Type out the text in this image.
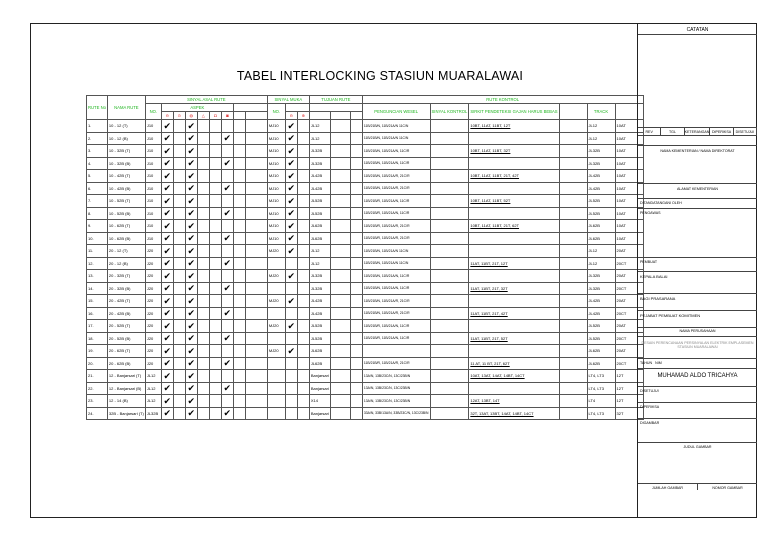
TABEL INTERLOCKING STASIUN MUARALAWAI
RUTE No	NAMA RUTE	SINYAL ASAL RUTE									SINYAL MUKA			TUJUAN RUTE			RUTE KONTROL					
		NO.	ASPEK								NO.						PENGUNCIAN WESEL	SINYAL KONTROL	SIRKIT PENDETEKSI GAJAN HARUS BEBAS		TRACK	
			⊖	⊙	◍	△	◘	◙				⊖	⊕									
1.	10 - 12 (T)	J10	✔		✔						MJ10	✔		JL12			11B/21B/N, 11B/21A/N 11C/N		10BT, 11AT, 11BT, 12T		JL12	10AT
2.	10 - 12 (B)	J10	✔		✔			✔			MJ10	✔		JL12			11B/21B/N, 11B/21A/N 11C/N				JL12	10AT
3.	10 - 32B (T)	J10	✔		✔						MJ10	✔		JL32B			11B/21B/N, 11B/21A/N, 11C/R		10BT, 11AT, 11BT, 32T		JL32B	10AT
4.	10 - 32B (B)	J10	✔		✔			✔			MJ10	✔		JL32B			11B/21B/N, 11B/21A/N, 11C/R				JL32B	10AT
5.	10 - 42B (T)	J10	✔		✔						MJ10	✔		JL42B			11B/21B/N, 11B/21A/R, 21C/R		10BT, 11AT, 11BT, 21T, 42T		JL42B	10AT
6.	10 - 42B (B)	J10	✔		✔			✔			MJ10	✔		JL42B			11B/21B/N, 11B/21A/R, 21C/R				JL42B	10AT
7.	10 - 52B (T)	J10	✔		✔						MJ10	✔		JL52B			11B/21B/R, 11B/21A/N, 11C/R		10BT, 11AT, 11BT, 52T		JL52B	10AT
8.	10 - 52B (B)	J10	✔		✔			✔			MJ10	✔		JL52B			11B/21B/R, 11B/21A/N, 11C/R				JL52B	10AT
9.	10 - 62B (T)	J10	✔		✔						MJ10	✔		JL62B			11B/21B/R, 11B/21A/R, 21C/R		10BT, 11AT, 11BT, 21T, 62T		JL62B	10AT
10.	10 - 62B (B)	J10	✔		✔			✔			MJ10	✔		JL62B			11B/21B/R, 11B/21A/R, 21C/R				JL62B	10AT
11.	20 - 12 (T)	J20	✔		✔						MJ20	✔		JL12			11B/21B/N, 11B/21A/N 11C/N				JL12	20AT
12.	20 - 12 (B)	J20	✔		✔			✔						JL12			11B/21B/N, 11B/21A/N 11C/N		11AT, 11BT, 21T, 12T		JL12	20CT
13.	20 - 32B (T)	J20	✔		✔						MJ20	✔		JL32B			11B/21B/N, 11B/21A/N, 11C/R				JL32B	20AT
14.	20 - 32B (B)	J20	✔		✔			✔						JL32B			11B/21B/N, 11B/21A/N, 11C/R		11AT, 11BT, 21T, 32T		JL32B	20CT
15.	20 - 42B (T)	J20	✔		✔						MJ20	✔		JL42B			11B/21B/N, 11B/21A/R, 21C/R				JL42B	20AT
16.	20 - 42B (B)	J20	✔		✔			✔						JL42B			11B/21B/N, 11B/21A/R, 21C/R		11AT, 11BT, 21T, 42T		JL42B	20CT
17.	20 - 52B (T)	J20	✔		✔						MJ20	✔		JL52B			11B/21B/R, 11B/21A/N, 11C/R				JL52B	20AT
18.	20 - 52B (B)	J20	✔		✔			✔						JL52B			11B/21B/R, 11B/21A/N, 11C/R		11AT, 11BT, 21T, 52T		JL52B	20CT
19.	20 - 62B (T)	J20	✔		✔						MJ20	✔		JL62B							JL62B	20AT
20.	20 - 62B (B)	J20	✔		✔			✔						JL62B			11B/21B/R, 11B/21A/R, 21C/R		11 AT, 11 BT, 21T, 62T		JL62B	20CT
21.	12 - Banjarsari (T)	JL12	✔		✔									Banjarsari			13A/N, 13B/23C/N, 13C/23B/N		10AT, 13AT, 14AT, 14BT, 14CT		LT4, LT3	12T
22.	12 - Banjarsari (B)	JL12	✔		✔			✔						Banjarsari			13A/N, 13B/23C/N, 13C/23B/N				LT4, LT3	12T
23.	12 - 14 (B)	JL12	✔		✔									X14			13A/N, 13B/23C/N, 13C/23B/N		12AT, 13BT, 14T		LT4	12T
24.	32B - Banjarsari (T)	JL32B	✔		✔			✔						Banjarsari			33A/N, 33B/13A/N, 33B/23C/N, 13C/23B/N		32T, 13AT, 13BT, 14AT, 14BT, 14CT		LT4, LT3	32T
CATATAN
REV	TGL	KETERANGAN DIPERIKSA	DISETUJUI
NAMA KEMENTERIAN / NAMA DIREKTORAT
ALAMAT KEMENTERIAN
DITANDATANGANI OLEH
PENGAWAS
PEMBUAT
KEPALA BALAI
BAGI PRASARANA
PEJABAT PEMBUAT KOMITMEN
NAMA PERUSAHAAN
DESAIN PERENCANAAN PERSINYALAN ELEKTRIK EMPLASEMEN STASIUN MUARALAWAI
TAHUN NIM
MUHAMAD ALDO TRICAHYA
DISETUJUI
DIPERIKSA
DIGAMBAR
JUDUL GAMBAR
JUMLAH GAMBAR	NOMOR GAMBAR
